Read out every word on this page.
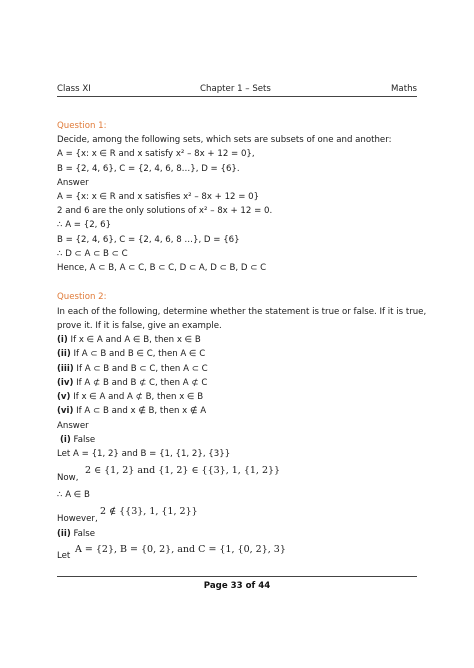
Class XI	Chapter 1 – Sets	Maths
Question 1:
Decide, among the following sets, which sets are subsets of one and another:
A = {x: x ∈ R and x satisfy x² – 8x + 12 = 0},
B = {2, 4, 6}, C = {2, 4, 6, 8…}, D = {6}.
Answer
A = {x: x ∈ R and x satisfies x² – 8x + 12 = 0}
2 and 6 are the only solutions of x² – 8x + 12 = 0.
∴ A = {2, 6}
B = {2, 4, 6}, C = {2, 4, 6, 8 …}, D = {6}
∴ D ⊂ A ⊂ B ⊂ C
Hence, A ⊂ B, A ⊂ C, B ⊂ C, D ⊂ A, D ⊂ B, D ⊂ C
Question 2:
In each of the following, determine whether the statement is true or false. If it is true,
prove it. If it is false, give an example.
(i) If x ∈ A and A ∈ B, then x ∈ B
(ii) If A ⊂ B and B ∈ C, then A ∈ C
(iii) If A ⊂ B and B ⊂ C, then A ⊂ C
(iv) If A ⊄ B and B ⊄ C, then A ⊄ C
(v) If x ∈ A and A ⊄ B, then x ∈ B
(vi) If A ⊂ B and x ∉ B, then x ∉ A
Answer
(i) False
Let A = {1, 2} and B = {1, {1, 2}, {3}}
Now,
2 ∈ {1, 2} and {1, 2} ∈ {{3}, 1, {1, 2}}
∴ A ∈ B
However,
2 ∉ {{3}, 1, {1, 2}}
(ii) False
Let
A = {2}, B = {0, 2}, and C = {1, {0, 2}, 3}
Page 33 of 44
